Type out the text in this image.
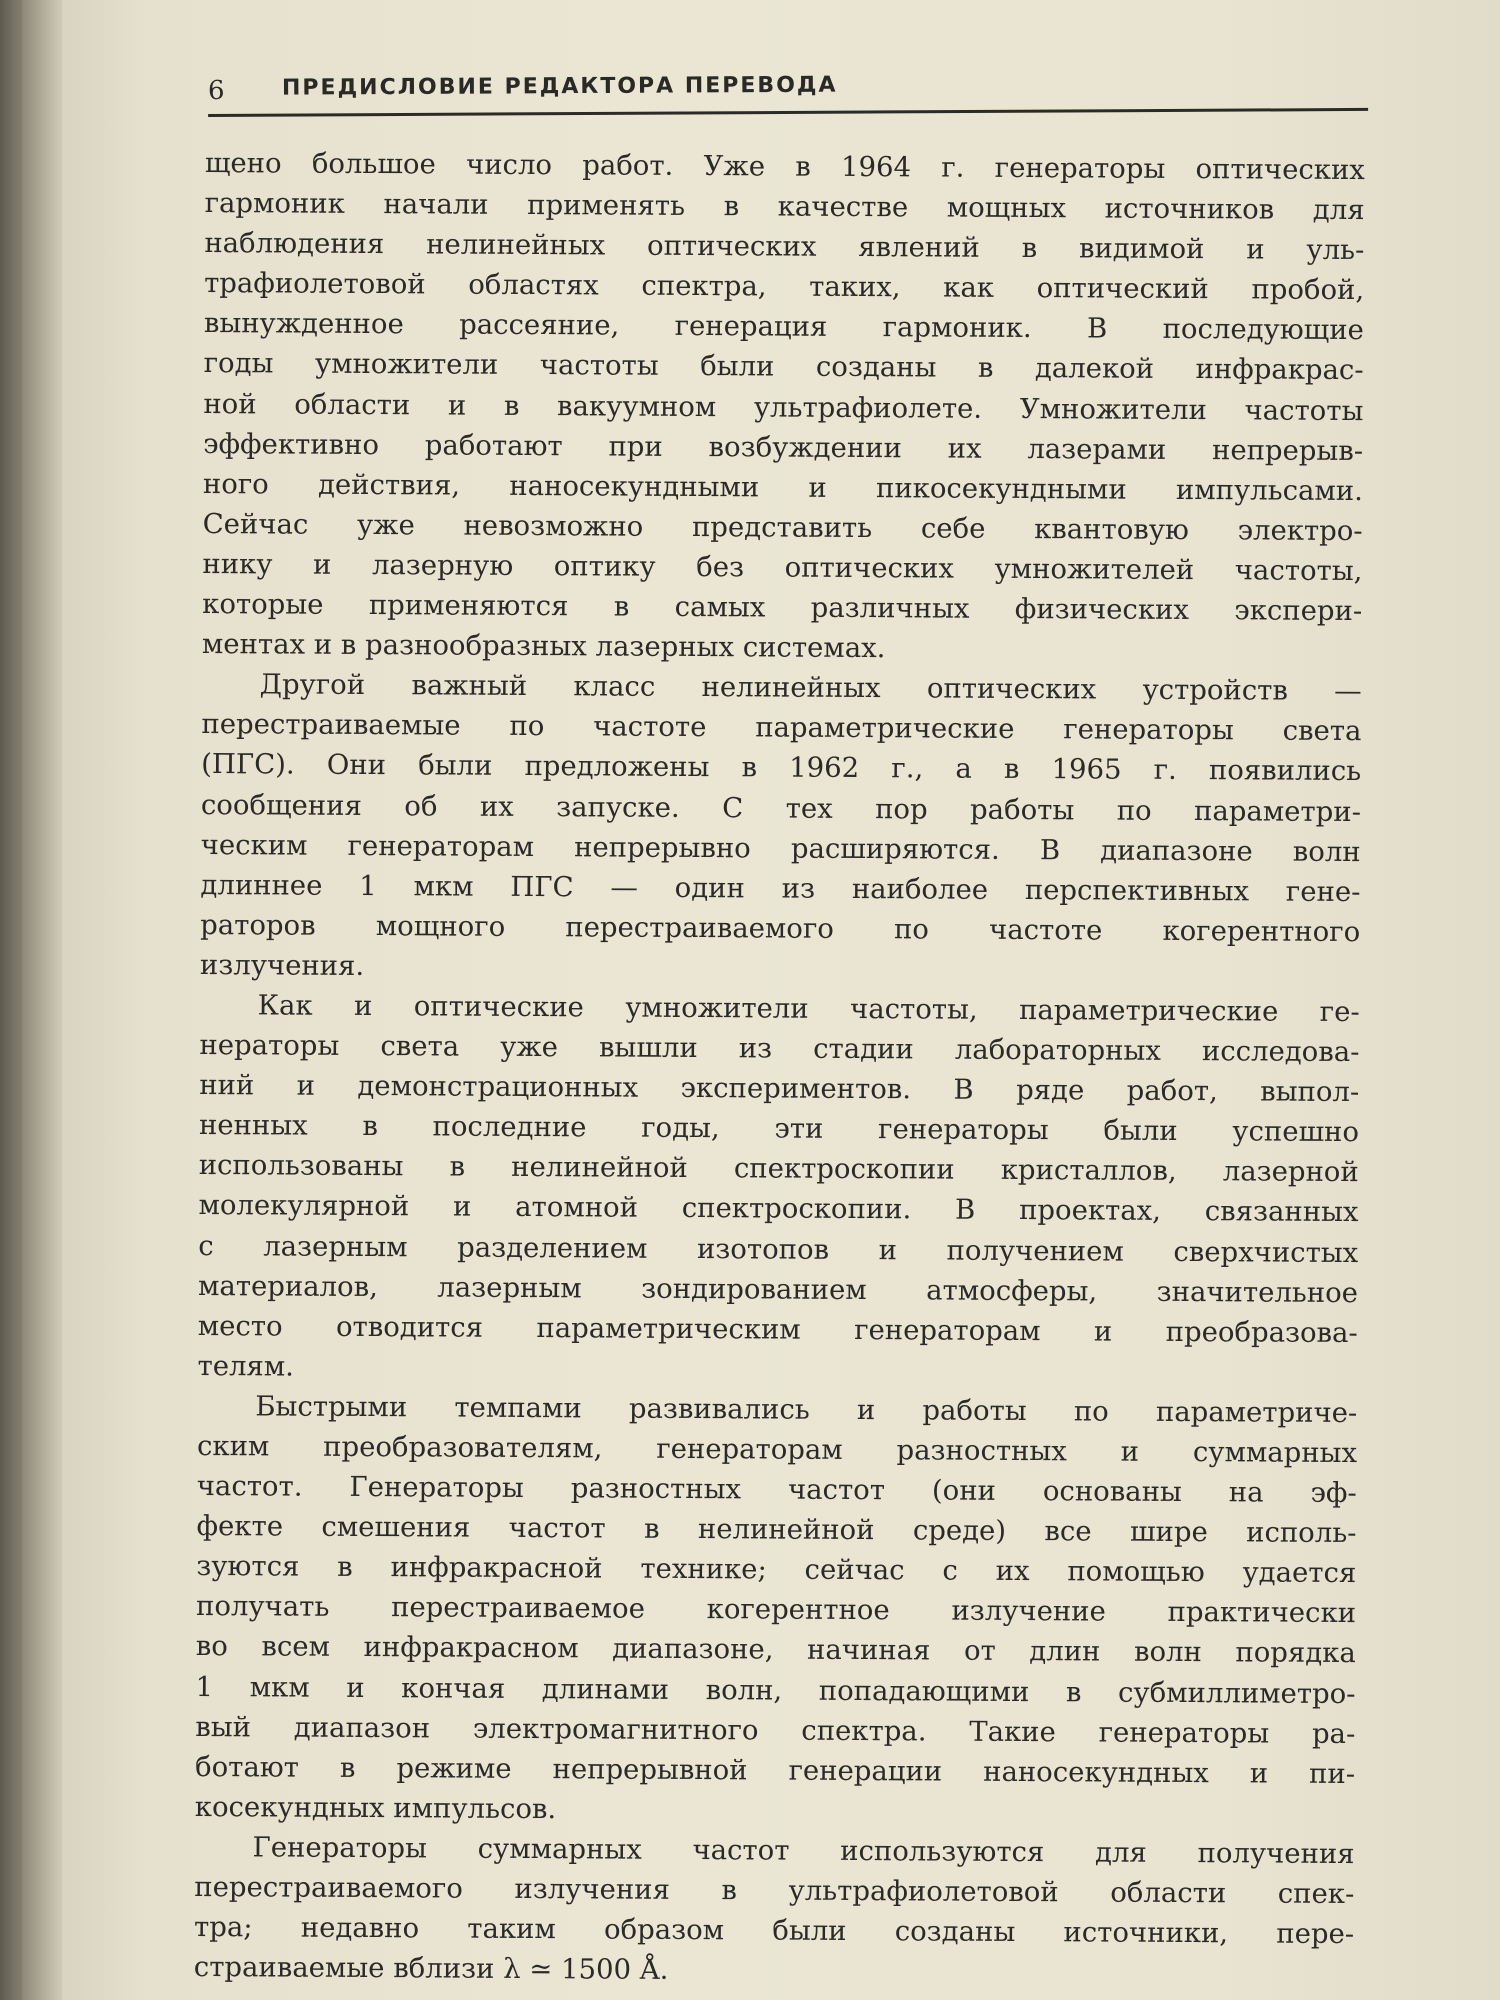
6	ПРЕДИСЛОВИЕ РЕДАКТОРА ПЕРЕВОДА
щено большое число работ. Уже в 1964 г. генераторы оптических
гармоник начали применять в качестве мощных источников для
наблюдения нелинейных оптических явлений в видимой и уль-
трафиолетовой областях спектра, таких, как оптический пробой,
вынужденное рассеяние, генерация гармоник. В последующие
годы умножители частоты были созданы в далекой инфракрас-
ной области и в вакуумном ультрафиолете. Умножители частоты
эффективно работают при возбуждении их лазерами непрерыв-
ного действия, наносекундными и пикосекундными импульсами.
Сейчас уже невозможно представить себе квантовую электро-
нику и лазерную оптику без оптических умножителей частоты,
которые применяются в самых различных физических экспери-
ментах и в разнообразных лазерных системах.
Другой важный класс нелинейных оптических устройств —
перестраиваемые по частоте параметрические генераторы света
(ПГС). Они были предложены в 1962 г., а в 1965 г. появились
сообщения об их запуске. С тех пор работы по параметри-
ческим генераторам непрерывно расширяются. В диапазоне волн
длиннее 1 мкм ПГС — один из наиболее перспективных гене-
раторов мощного перестраиваемого по частоте когерентного
излучения.
Как и оптические умножители частоты, параметрические ге-
нераторы света уже вышли из стадии лабораторных исследова-
ний и демонстрационных экспериментов. В ряде работ, выпол-
ненных в последние годы, эти генераторы были успешно
использованы в нелинейной спектроскопии кристаллов, лазерной
молекулярной и атомной спектроскопии. В проектах, связанных
с лазерным разделением изотопов и получением сверхчистых
материалов, лазерным зондированием атмосферы, значительное
место отводится параметрическим генераторам и преобразова-
телям.
Быстрыми темпами развивались и работы по параметриче-
ским преобразователям, генераторам разностных и суммарных
частот. Генераторы разностных частот (они основаны на эф-
фекте смешения частот в нелинейной среде) все шире исполь-
зуются в инфракрасной технике; сейчас с их помощью удается
получать перестраиваемое когерентное излучение практически
во всем инфракрасном диапазоне, начиная от длин волн порядка
1 мкм и кончая длинами волн, попадающими в субмиллиметро-
вый диапазон электромагнитного спектра. Такие генераторы ра-
ботают в режиме непрерывной генерации наносекундных и пи-
косекундных импульсов.
Генераторы суммарных частот используются для получения
перестраиваемого излучения в ультрафиолетовой области спек-
тра; недавно таким образом были созданы источники, пере-
страиваемые вблизи λ ≃ 1500 Å.
